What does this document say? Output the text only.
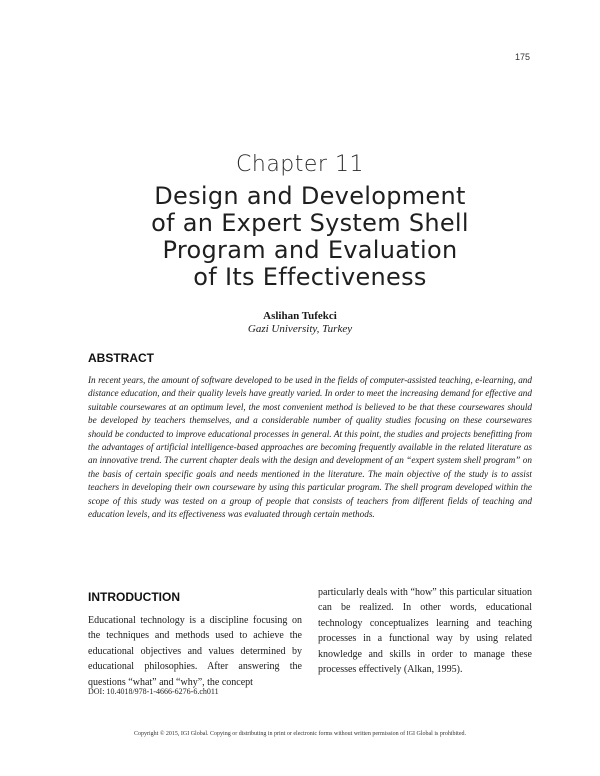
175
Chapter 11
Design and Development
of an Expert System Shell
Program and Evaluation
of Its Effectiveness
Aslihan Tufekci
Gazi University, Turkey
ABSTRACT
In recent years, the amount of software developed to be used in the fields of computer-assisted teaching, e-learning, and distance education, and their quality levels have greatly varied. In order to meet the increasing demand for effective and suitable coursewares at an optimum level, the most convenient method is believed to be that these coursewares should be developed by teachers themselves, and a considerable number of quality studies focusing on these coursewares should be conducted to improve educational processes in general. At this point, the studies and projects benefitting from the advantages of artificial intelligence-based approaches are becoming frequently available in the related literature as an innovative trend. The current chapter deals with the design and development of an “expert system shell program” on the basis of certain specific goals and needs mentioned in the literature. The main objective of the study is to assist teachers in developing their own courseware by using this particular program. The shell program developed within the scope of this study was tested on a group of people that consists of teachers from different fields of teaching and education levels, and its effectiveness was evaluated through certain methods.
INTRODUCTION
Educational technology is a discipline focusing on the techniques and methods used to achieve the educational objectives and values determined by educational philosophies. After answering the questions “what” and “why”, the concept
particularly deals with “how” this particular situation can be realized. In other words, educational technology conceptualizes learning and teaching processes in a functional way by using related knowledge and skills in order to manage these processes effectively (Alkan, 1995).
DOI: 10.4018/978-1-4666-6276-6.ch011
Copyright © 2015, IGI Global. Copying or distributing in print or electronic forms without written permission of IGI Global is prohibited.
